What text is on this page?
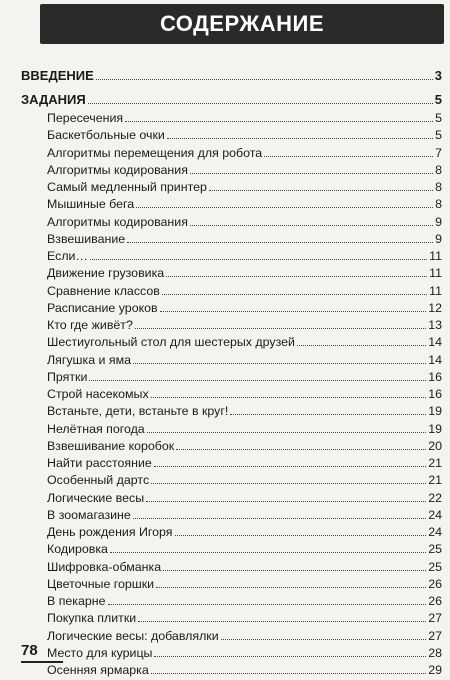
СОДЕРЖАНИЕ
ВВЕДЕНИЕ	3
ЗАДАНИЯ	5
Пересечения	5
Баскетбольные очки	5
Алгоритмы перемещения для робота	7
Алгоритмы кодирования	8
Самый медленный принтер	8
Мышиные бега	8
Алгоритмы кодирования	9
Взвешивание	9
Если…	11
Движение грузовика	11
Сравнение классов	11
Расписание уроков	12
Кто где живёт?	13
Шестиугольный стол для шестерых друзей	14
Лягушка и яма	14
Прятки	16
Строй насекомых	16
Встаньте, дети, встаньте в круг!	19
Нелётная погода	19
Взвешивание коробок	20
Найти расстояние	21
Особенный дартс	21
Логические весы	22
В зоомагазине	24
День рождения Игоря	24
Кодировка	25
Шифровка-обманка	25
Цветочные горшки	26
В пекарне	26
Покупка плитки	27
Логические весы: добавлялки	27
Место для курицы	28
Осенняя ярмарка	29
78
